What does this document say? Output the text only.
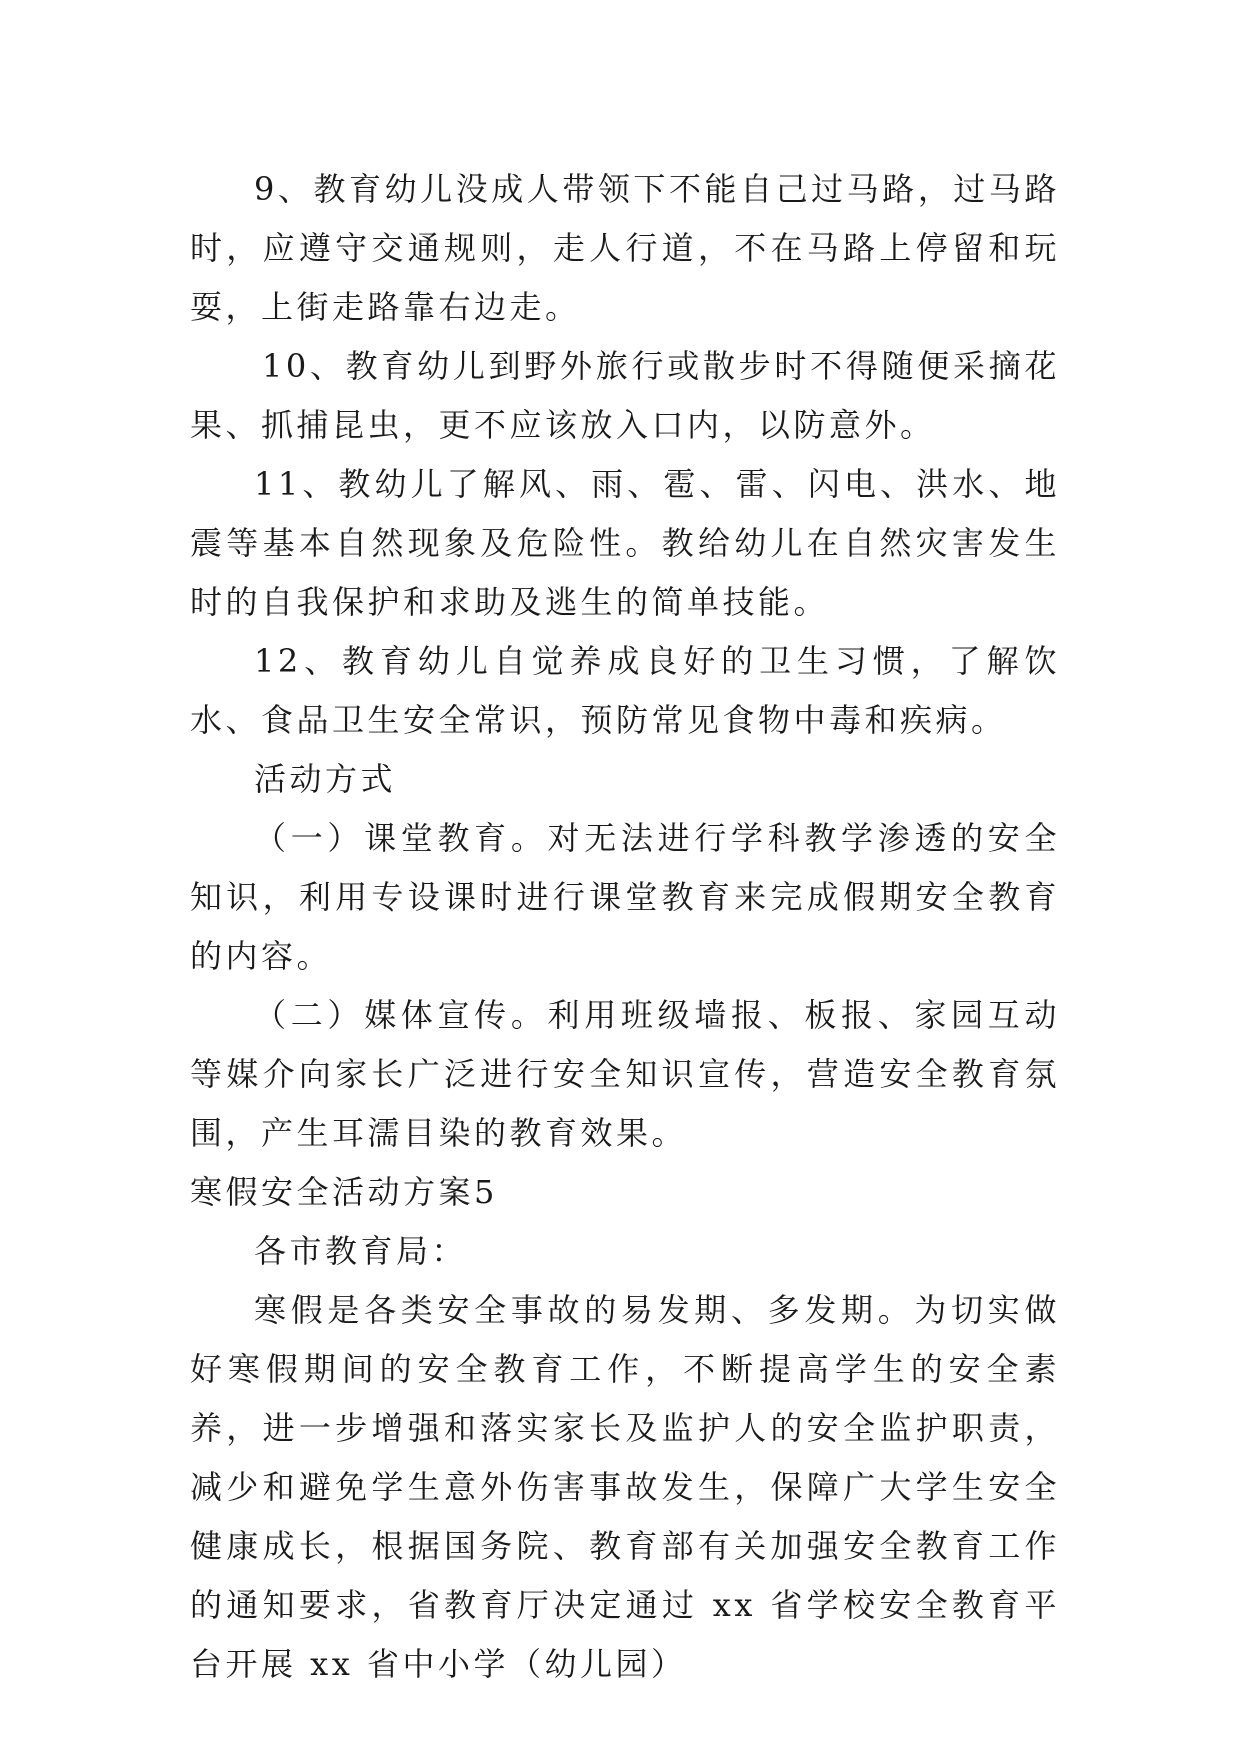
9、教育幼儿没成人带领下不能自己过马路，过马路时，应遵守交通规则，走人行道，不在马路上停留和玩耍，上街走路靠右边走。

10、教育幼儿到野外旅行或散步时不得随便采摘花果、抓捕昆虫，更不应该放入口内，以防意外。

11、教幼儿了解风、雨、雹、雷、闪电、洪水、地震等基本自然现象及危险性。教给幼儿在自然灾害发生时的自我保护和求助及逃生的简单技能。

12、教育幼儿自觉养成良好的卫生习惯，了解饮水、食品卫生安全常识，预防常见食物中毒和疾病。

活动方式

（一）课堂教育。对无法进行学科教学渗透的安全知识，利用专设课时进行课堂教育来完成假期安全教育的内容。

（二）媒体宣传。利用班级墙报、板报、家园互动等媒介向家长广泛进行安全知识宣传，营造安全教育氛围，产生耳濡目染的教育效果。

寒假安全活动方案5

各市教育局：

寒假是各类安全事故的易发期、多发期。为切实做好寒假期间的安全教育工作，不断提高学生的安全素养，进一步增强和落实家长及监护人的安全监护职责，减少和避免学生意外伤害事故发生，保障广大学生安全健康成长，根据国务院、教育部有关加强安全教育工作的通知要求，省教育厅决定通过 xx 省学校安全教育平台开展 xx 省中小学（幼儿园）
